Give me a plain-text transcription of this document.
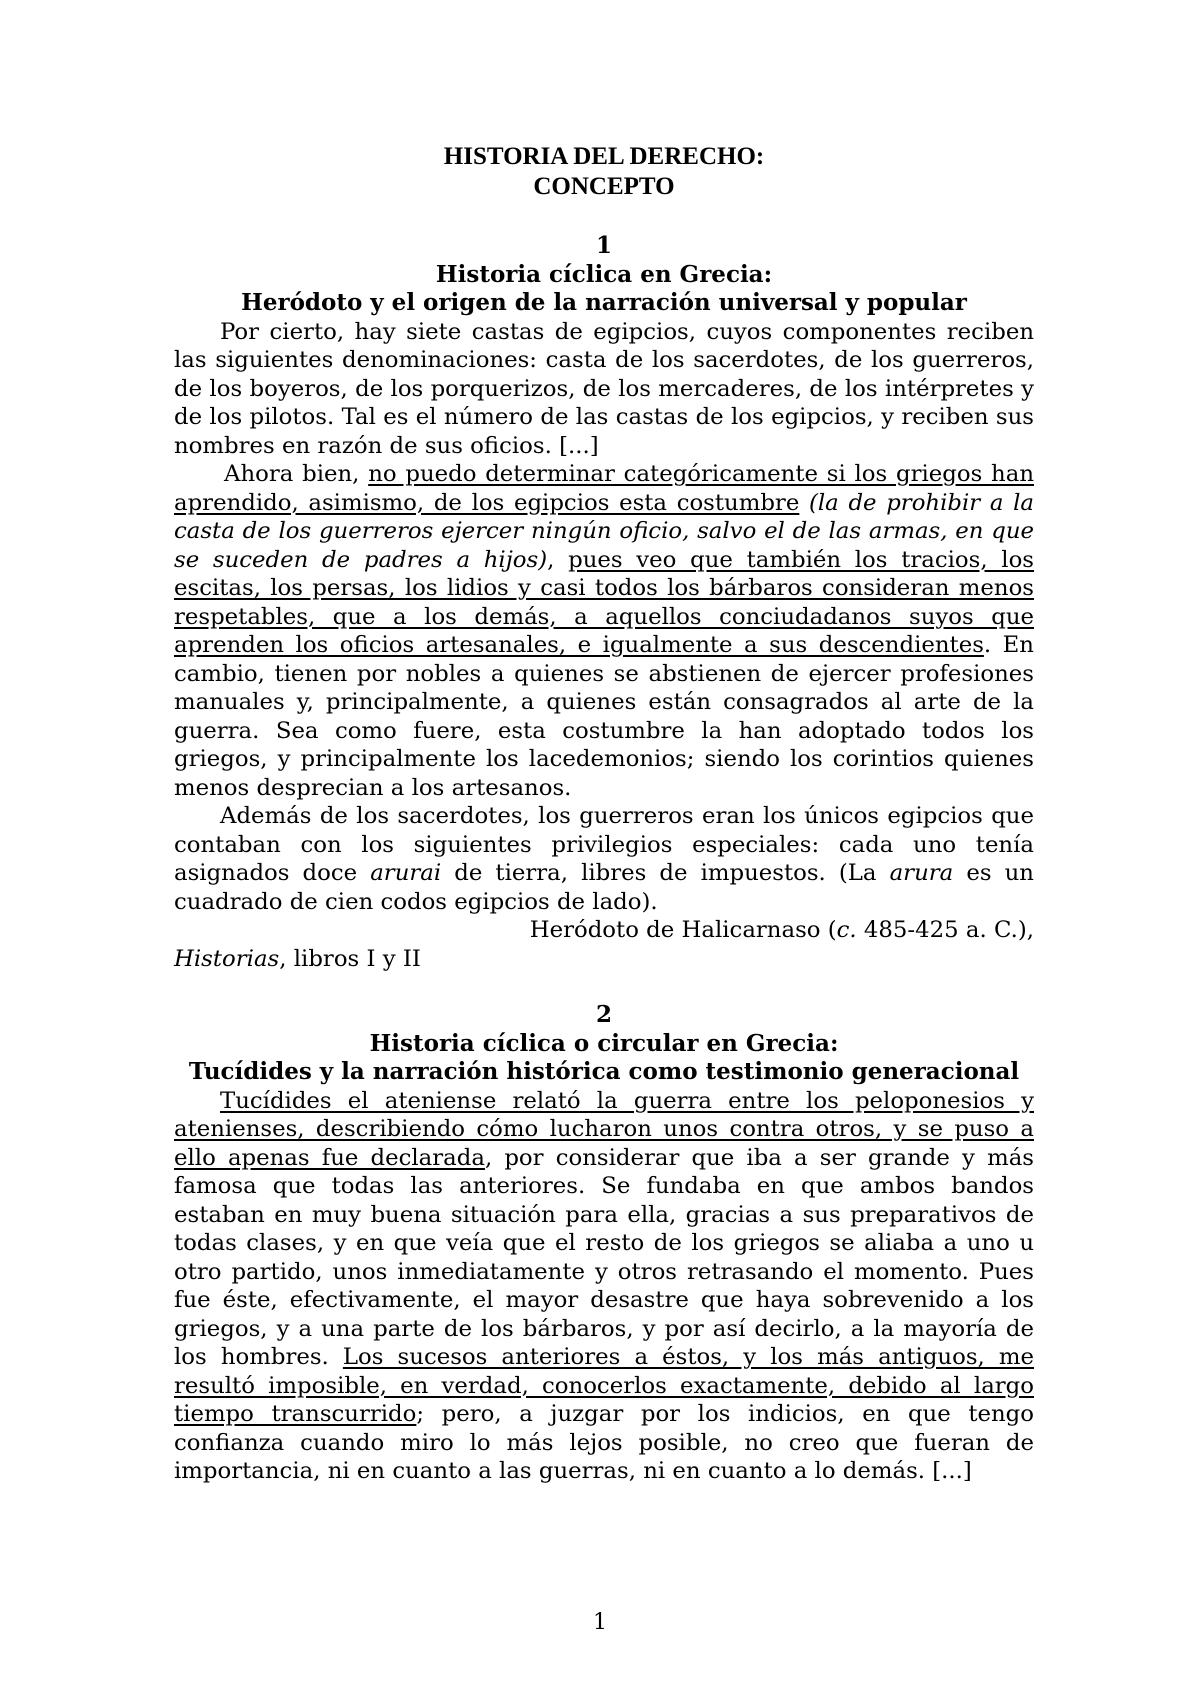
HISTORIA DEL DERECHO:
CONCEPTO
1
Historia cíclica en Grecia:
Heródoto y el origen de la narración universal y popular

Por cierto, hay siete castas de egipcios, cuyos componentes reciben las siguientes denominaciones: casta de los sacerdotes, de los guerreros, de los boyeros, de los porquerizos, de los mercaderes, de los intérpretes y de los pilotos. Tal es el número de las castas de los egipcios, y reciben sus nombres en razón de sus oficios. [...]

Ahora bien, no puedo determinar categóricamente si los griegos han aprendido, asimismo, de los egipcios esta costumbre (la de prohibir a la casta de los guerreros ejercer ningún oficio, salvo el de las armas, en que se suceden de padres a hijos), pues veo que también los tracios, los escitas, los persas, los lidios y casi todos los bárbaros consideran menos respetables, que a los demás, a aquellos conciudadanos suyos que aprenden los oficios artesanales, e igualmente a sus descendientes. En cambio, tienen por nobles a quienes se abstienen de ejercer profesiones manuales y, principalmente, a quienes están consagrados al arte de la guerra. Sea como fuere, esta costumbre la han adoptado todos los griegos, y principalmente los lacedemonios; siendo los corintios quienes menos desprecian a los artesanos.

Además de los sacerdotes, los guerreros eran los únicos egipcios que contaban con los siguientes privilegios especiales: cada uno tenía asignados doce arurai de tierra, libres de impuestos. (La arura es un cuadrado de cien codos egipcios de lado).

Heródoto de Halicarnaso (c. 485-425 a. C.),
Historias, libros I y II

2
Historia cíclica o circular en Grecia:
Tucídides y la narración histórica como testimonio generacional

Tucídides el ateniense relató la guerra entre los peloponesios y atenienses, describiendo cómo lucharon unos contra otros, y se puso a ello apenas fue declarada, por considerar que iba a ser grande y más famosa que todas las anteriores. Se fundaba en que ambos bandos estaban en muy buena situación para ella, gracias a sus preparativos de todas clases, y en que veía que el resto de los griegos se aliaba a uno u otro partido, unos inmediatamente y otros retrasando el momento. Pues fue éste, efectivamente, el mayor desastre que haya sobrevenido a los griegos, y a una parte de los bárbaros, y por así decirlo, a la mayoría de los hombres. Los sucesos anteriores a éstos, y los más antiguos, me resultó imposible, en verdad, conocerlos exactamente, debido al largo tiempo transcurrido; pero, a juzgar por los indicios, en que tengo confianza cuando miro lo más lejos posible, no creo que fueran de importancia, ni en cuanto a las guerras, ni en cuanto a lo demás. [...]

1
